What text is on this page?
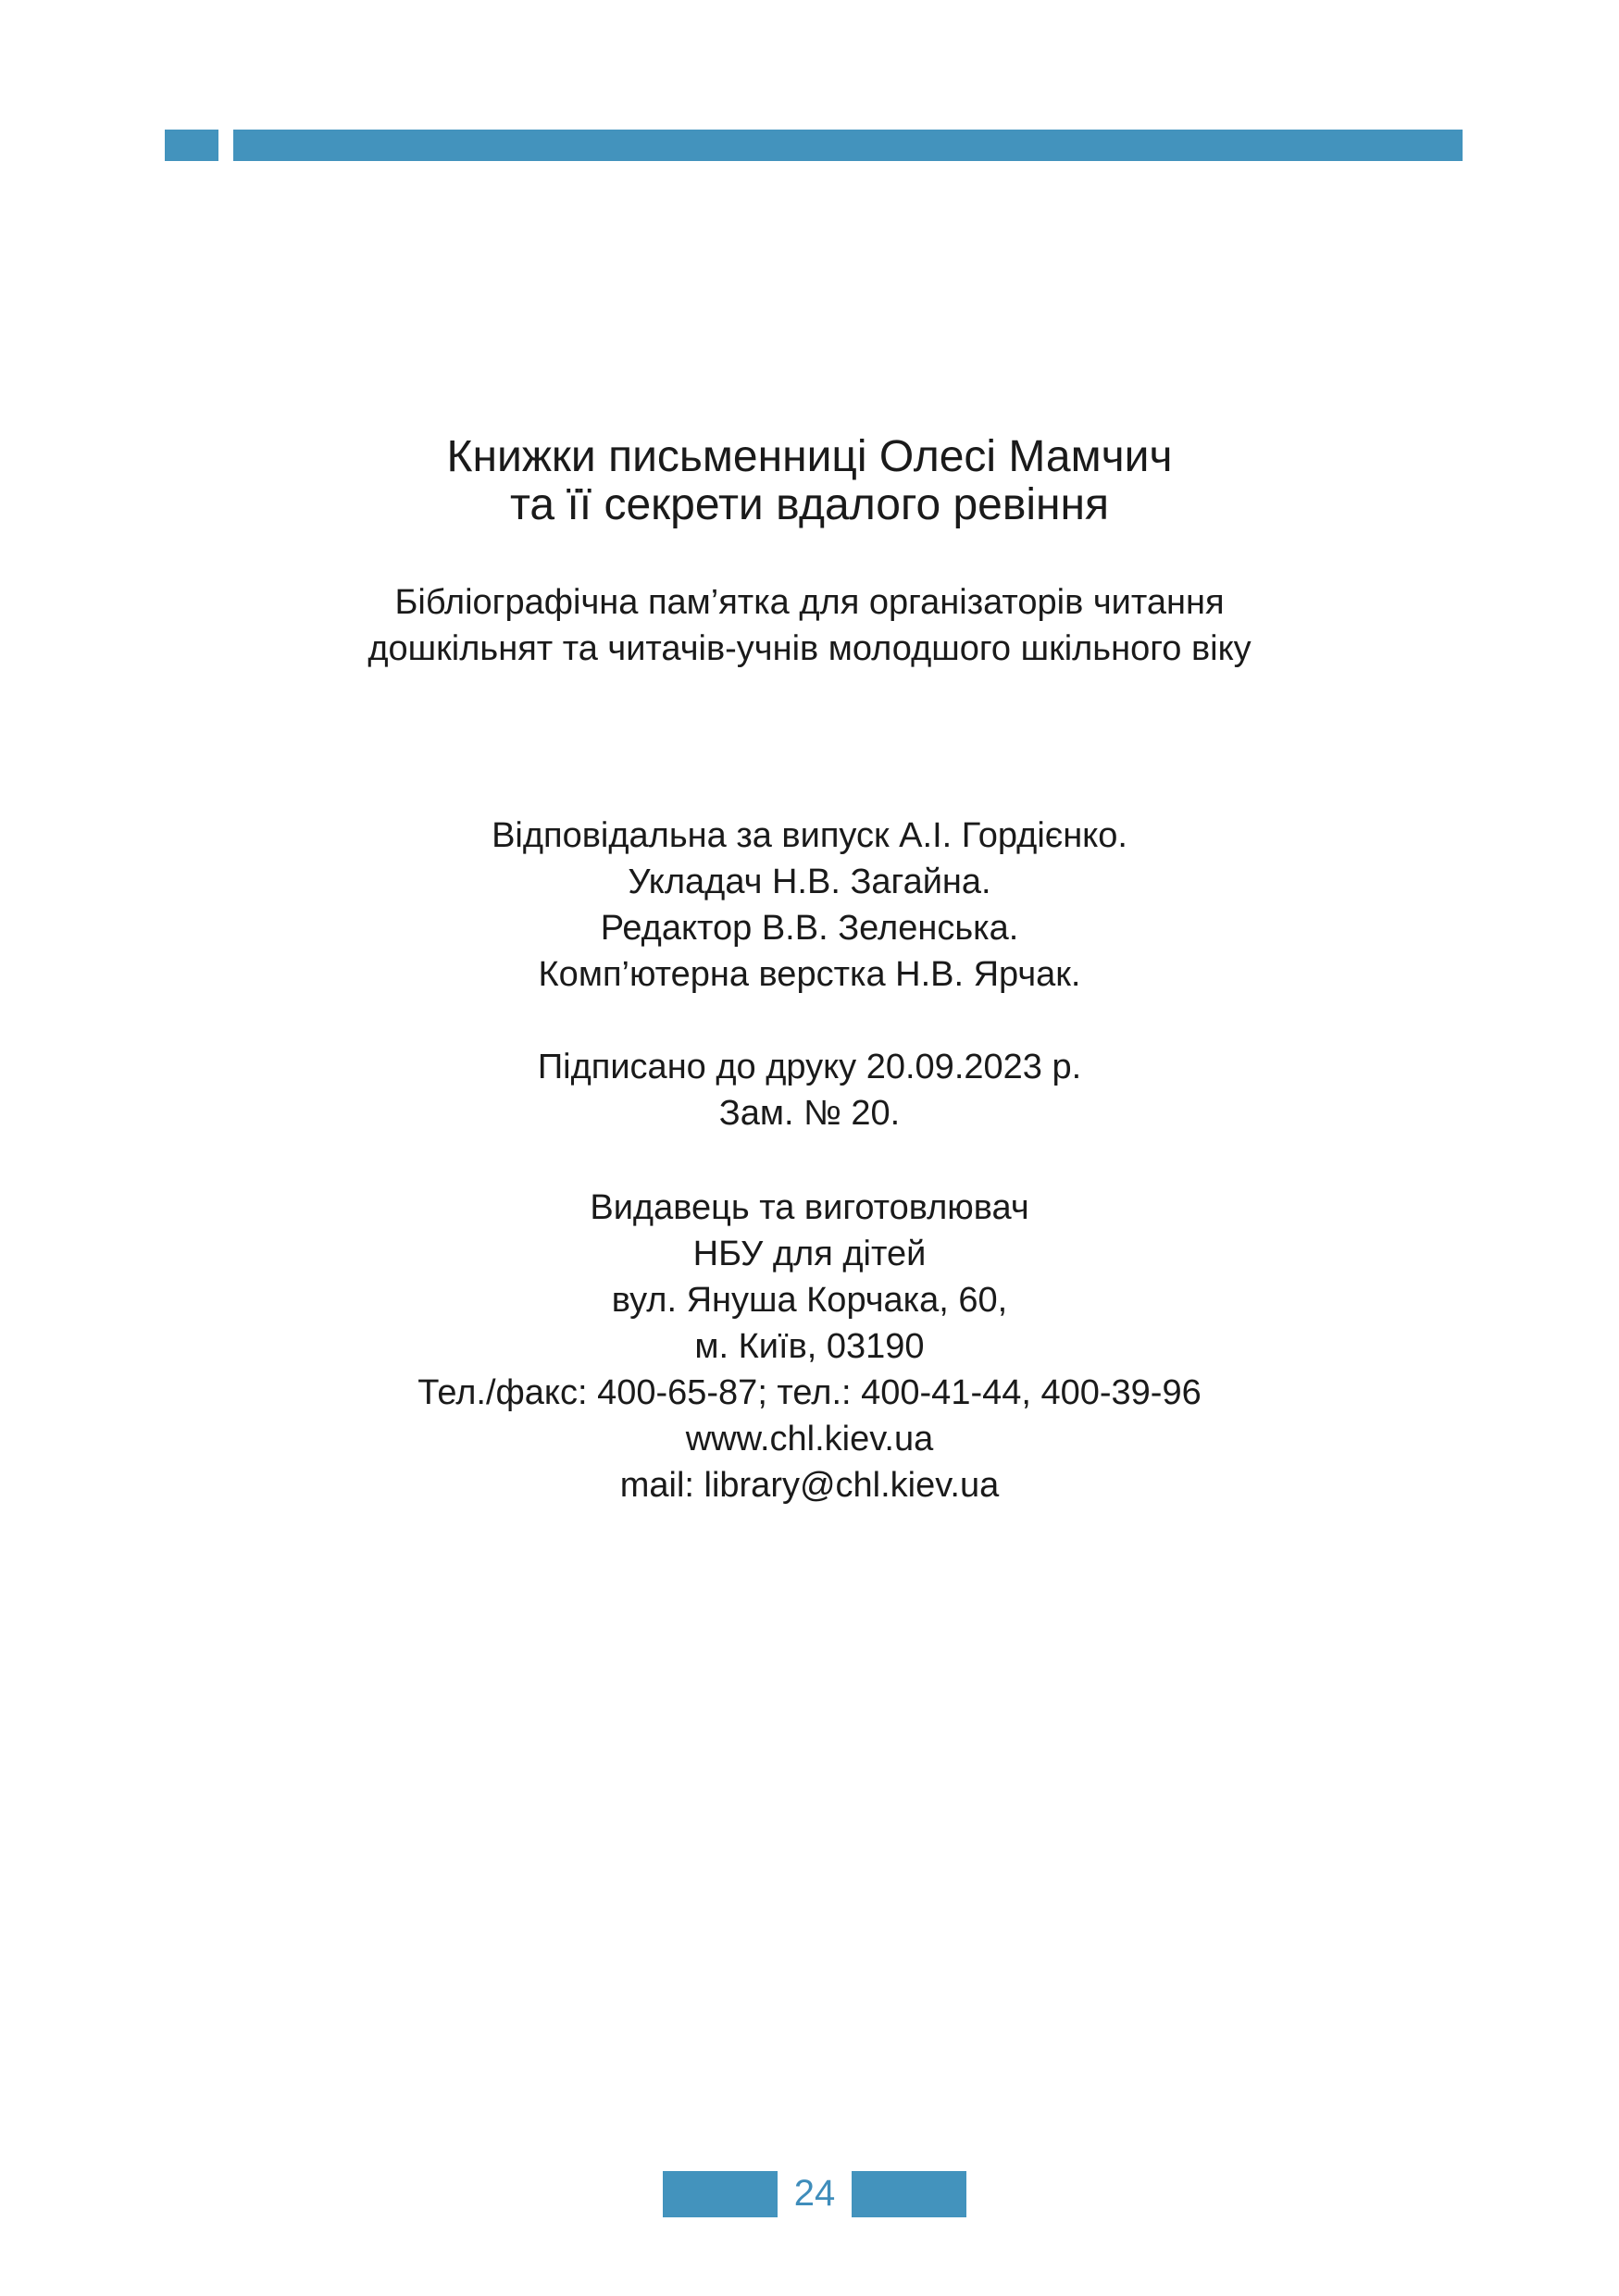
Книжки письменниці Олесі Мамчич
та її секрети вдалого ревіння
Бібліографічна пам’ятка для організаторів читання
дошкільнят та читачів-учнів молодшого шкільного віку
Відповідальна за випуск А.І. Гордієнко.
Укладач Н.В. Загайна.
Редактор В.В. Зеленська.
Комп’ютерна верстка Н.В. Ярчак.
Підписано до друку 20.09.2023 р.
Зам. № 20.
Видавець та виготовлювач
НБУ для дітей
вул. Януша Корчака, 60,
м. Київ, 03190
Тел./факс: 400-65-87; тел.: 400-41-44, 400-39-96
www.chl.kiev.ua
mail: library@chl.kiev.ua
24
